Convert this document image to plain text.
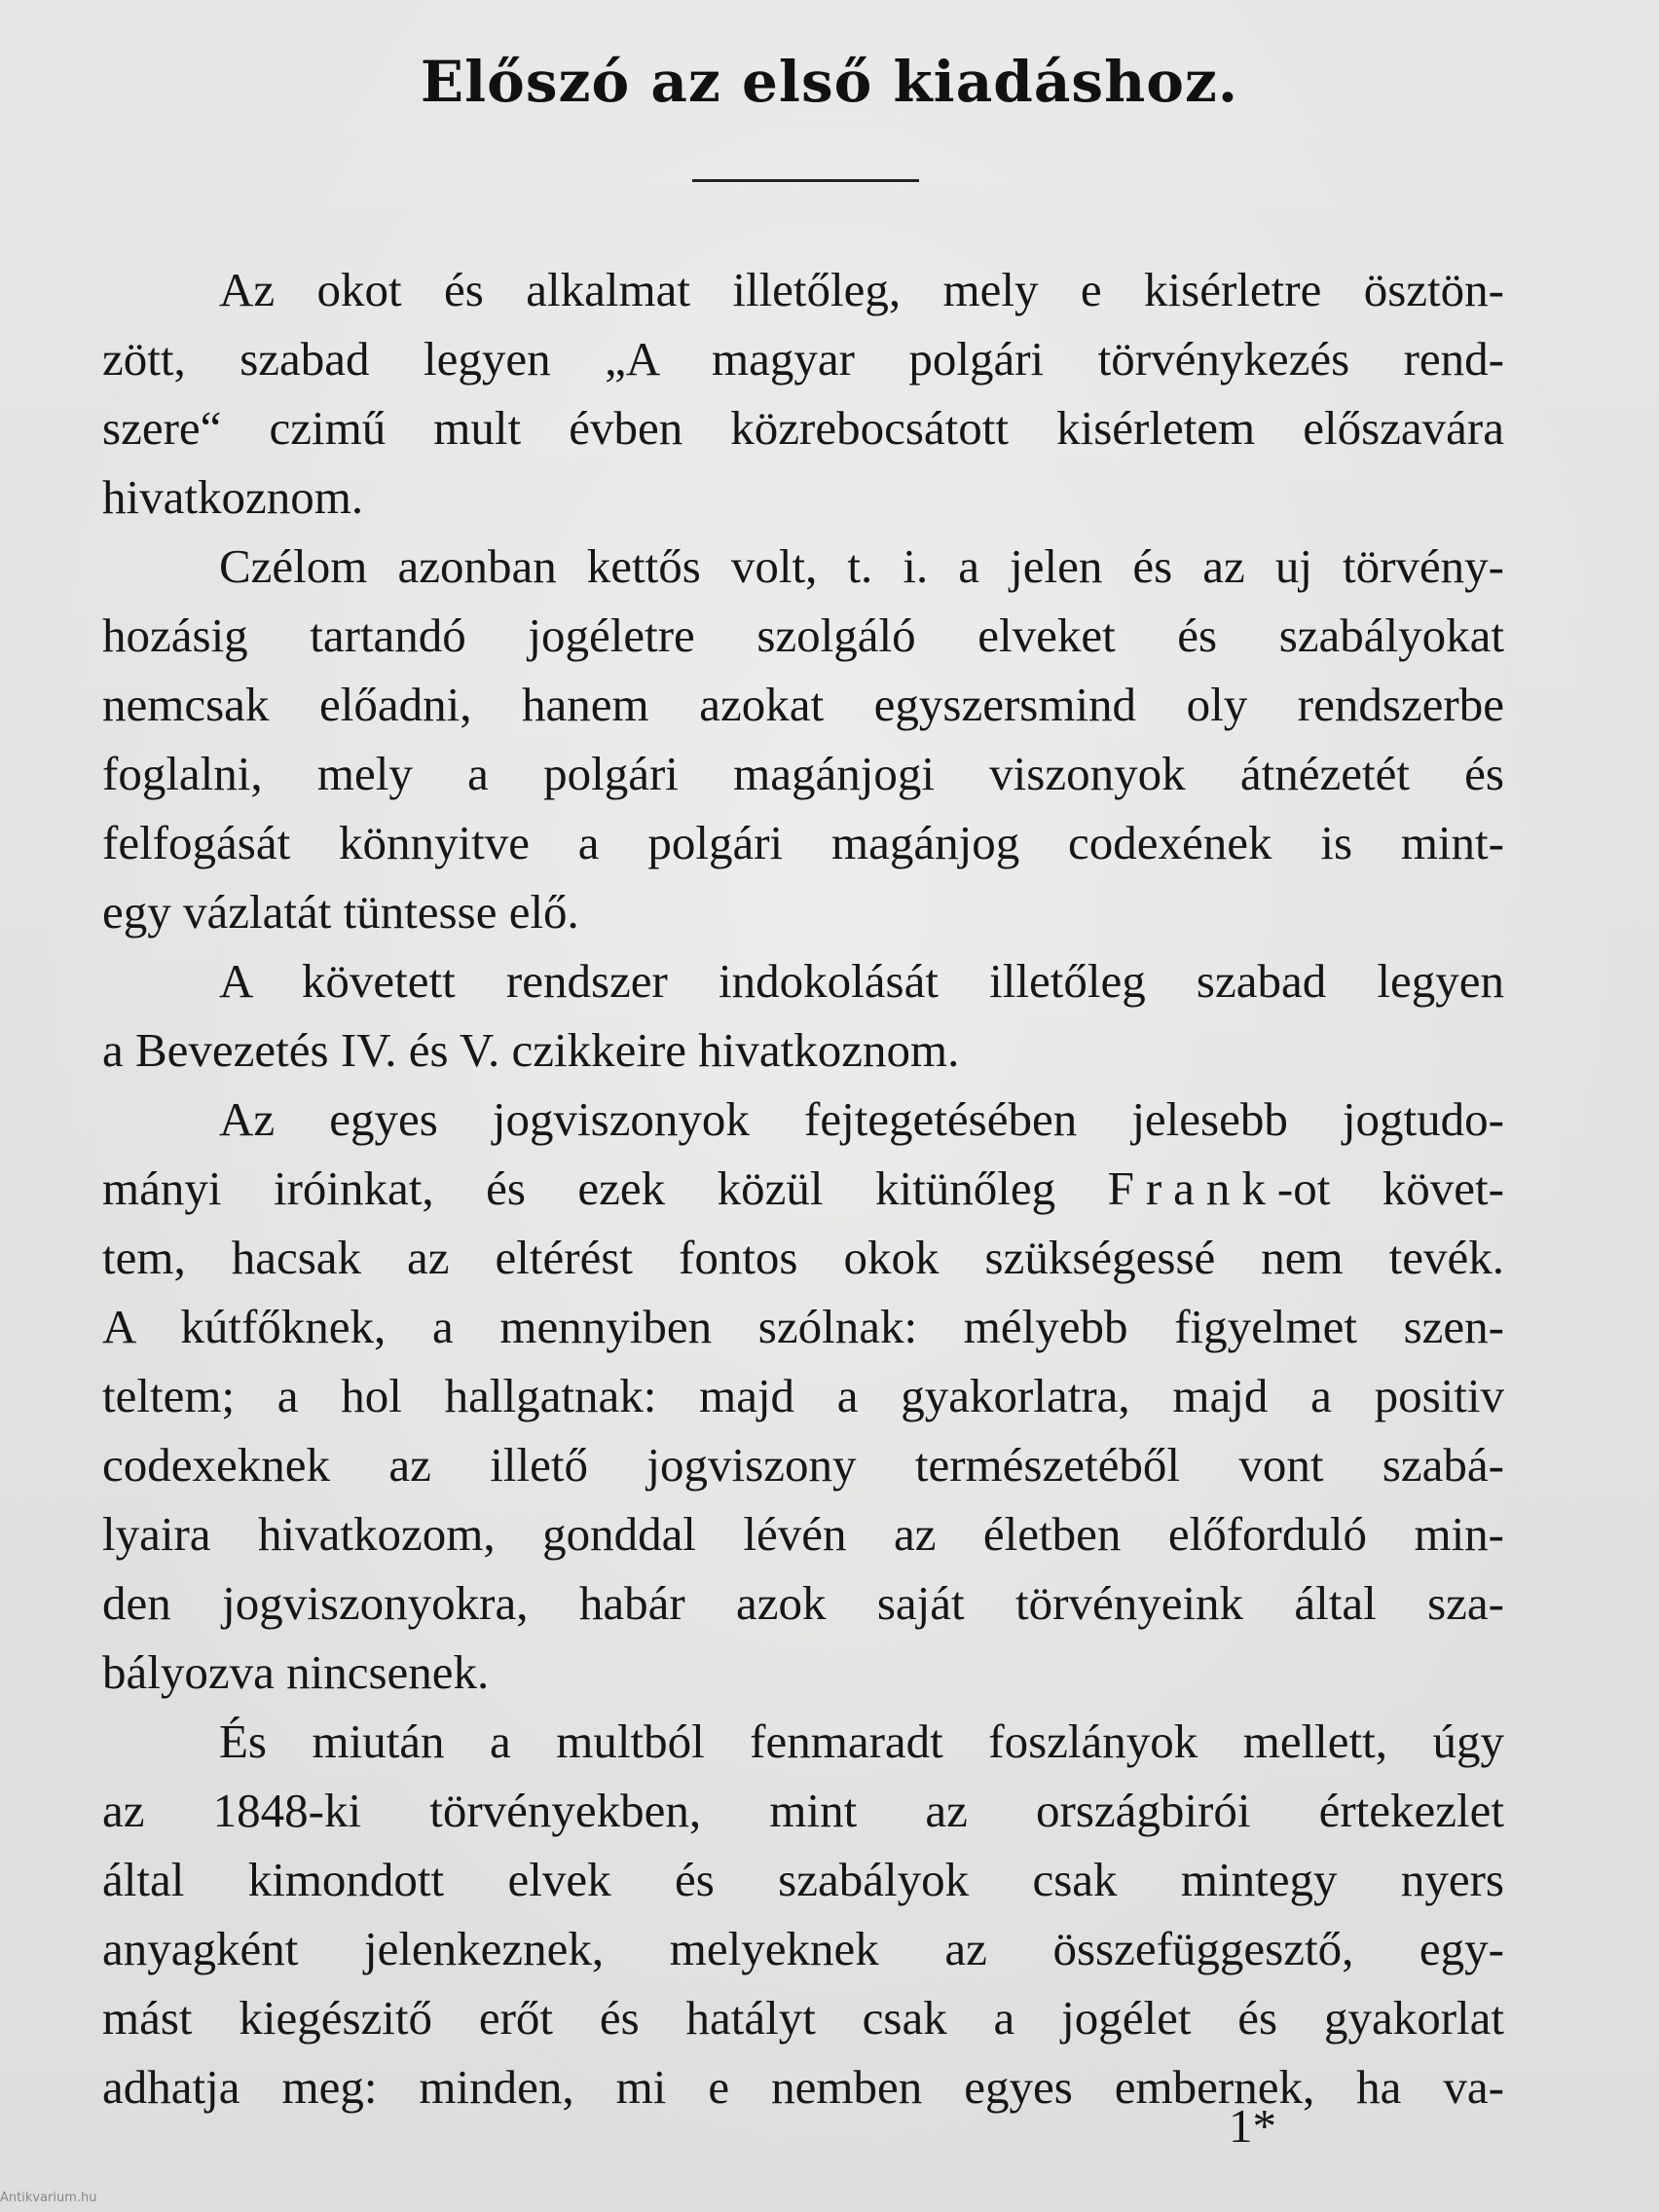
Előszó az első kiadáshoz.
Az okot és alkalmat illetőleg, mely e kisérletre ösztön-
zött, szabad legyen „A magyar polgári törvénykezés rend-
szere“ czimű mult évben közrebocsátott kisérletem előszavára
hivatkoznom.
Czélom azonban kettős volt, t. i. a jelen és az uj törvény-
hozásig tartandó jogéletre szolgáló elveket és szabályokat
nemcsak előadni, hanem azokat egyszersmind oly rendszerbe
foglalni, mely a polgári magánjogi viszonyok átnézetét és
felfogását könnyitve a polgári magánjog codexének is mint-
egy vázlatát tüntesse elő.
A követett rendszer indokolását illetőleg szabad legyen
a Bevezetés IV. és V. czikkeire hivatkoznom.
Az egyes jogviszonyok fejtegetésében jelesebb jogtudo-
mányi iróinkat, és ezek közül kitünőleg Frank-ot követ-
tem, hacsak az eltérést fontos okok szükségessé nem tevék.
A kútfőknek, a mennyiben szólnak: mélyebb figyelmet szen-
teltem; a hol hallgatnak: majd a gyakorlatra, majd a positiv
codexeknek az illető jogviszony természetéből vont szabá-
lyaira hivatkozom, gonddal lévén az életben előforduló min-
den jogviszonyokra, habár azok saját törvényeink által sza-
bályozva nincsenek.
És miután a multból fenmaradt foszlányok mellett, úgy
az 1848-ki törvényekben, mint az országbirói értekezlet
által kimondott elvek és szabályok csak mintegy nyers
anyagként jelenkeznek, melyeknek az összefüggesztő, egy-
mást kiegészitő erőt és hatályt csak a jogélet és gyakorlat
adhatja meg: minden, mi e nemben egyes embernek, ha va-
1*
Antikvarium.hu
